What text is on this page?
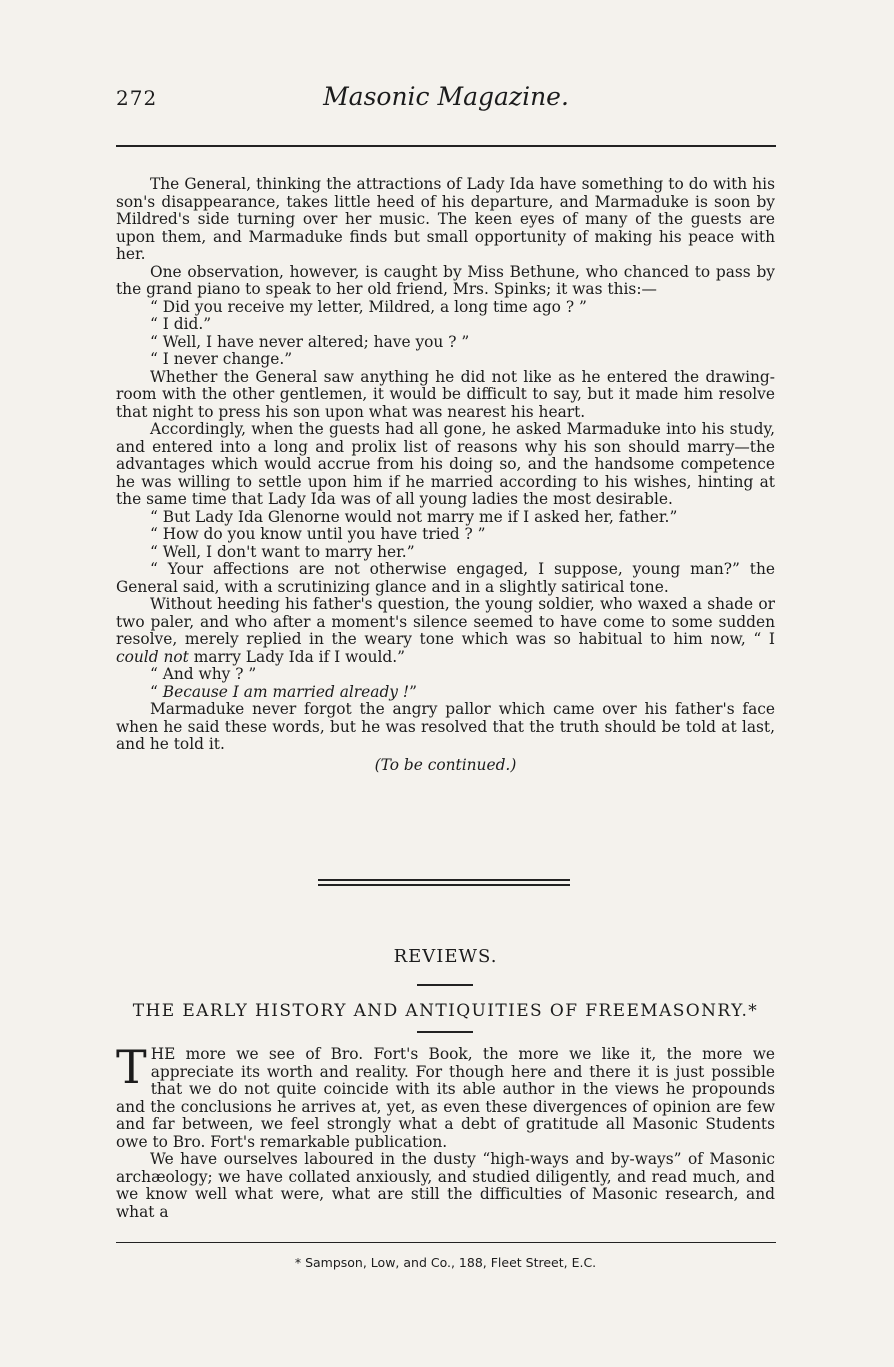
272	Masonic Magazine.

The General, thinking the attractions of Lady Ida have something to do with his son's disappearance, takes little heed of his departure, and Marmaduke is soon by Mildred's side turning over her music. The keen eyes of many of the guests are upon them, and Marmaduke finds but small opportunity of making his peace with her.

One observation, however, is caught by Miss Bethune, who chanced to pass by the grand piano to speak to her old friend, Mrs. Spinks; it was this:—

“ Did you receive my letter, Mildred, a long time ago ? ”

“ I did.”

“ Well, I have never altered; have you ? ”

“ I never change.”

Whether the General saw anything he did not like as he entered the drawing-room with the other gentlemen, it would be difficult to say, but it made him resolve that night to press his son upon what was nearest his heart.

Accordingly, when the guests had all gone, he asked Marmaduke into his study, and entered into a long and prolix list of reasons why his son should marry—the advantages which would accrue from his doing so, and the handsome competence he was willing to settle upon him if he married according to his wishes, hinting at the same time that Lady Ida was of all young ladies the most desirable.

“ But Lady Ida Glenorne would not marry me if I asked her, father.”

“ How do you know until you have tried ? ”

“ Well, I don't want to marry her.”

“ Your affections are not otherwise engaged, I suppose, young man?” the General said, with a scrutinizing glance and in a slightly satirical tone.

Without heeding his father's question, the young soldier, who waxed a shade or two paler, and who after a moment's silence seemed to have come to some sudden resolve, merely replied in the weary tone which was so habitual to him now, “ I could not marry Lady Ida if I would.”

“ And why ? ”

“ Because I am married already !”

Marmaduke never forgot the angry pallor which came over his father's face when he said these words, but he was resolved that the truth should be told at last, and he told it.

(To be continued.)

REVIEWS.
THE EARLY HISTORY AND ANTIQUITIES OF FREEMASONRY.*

THE more we see of Bro. Fort's Book, the more we like it, the more we appreciate its worth and reality. For though here and there it is just possible that we do not quite coincide with its able author in the views he propounds and the conclusions he arrives at, yet, as even these divergences of opinion are few and far between, we feel strongly what a debt of gratitude all Masonic Students owe to Bro. Fort's remarkable publication.

We have ourselves laboured in the dusty “high-ways and by-ways” of Masonic archæology; we have collated anxiously, and studied diligently, and read much, and we know well what were, what are still the difficulties of Masonic research, and what a

* Sampson, Low, and Co., 188, Fleet Street, E.C.
